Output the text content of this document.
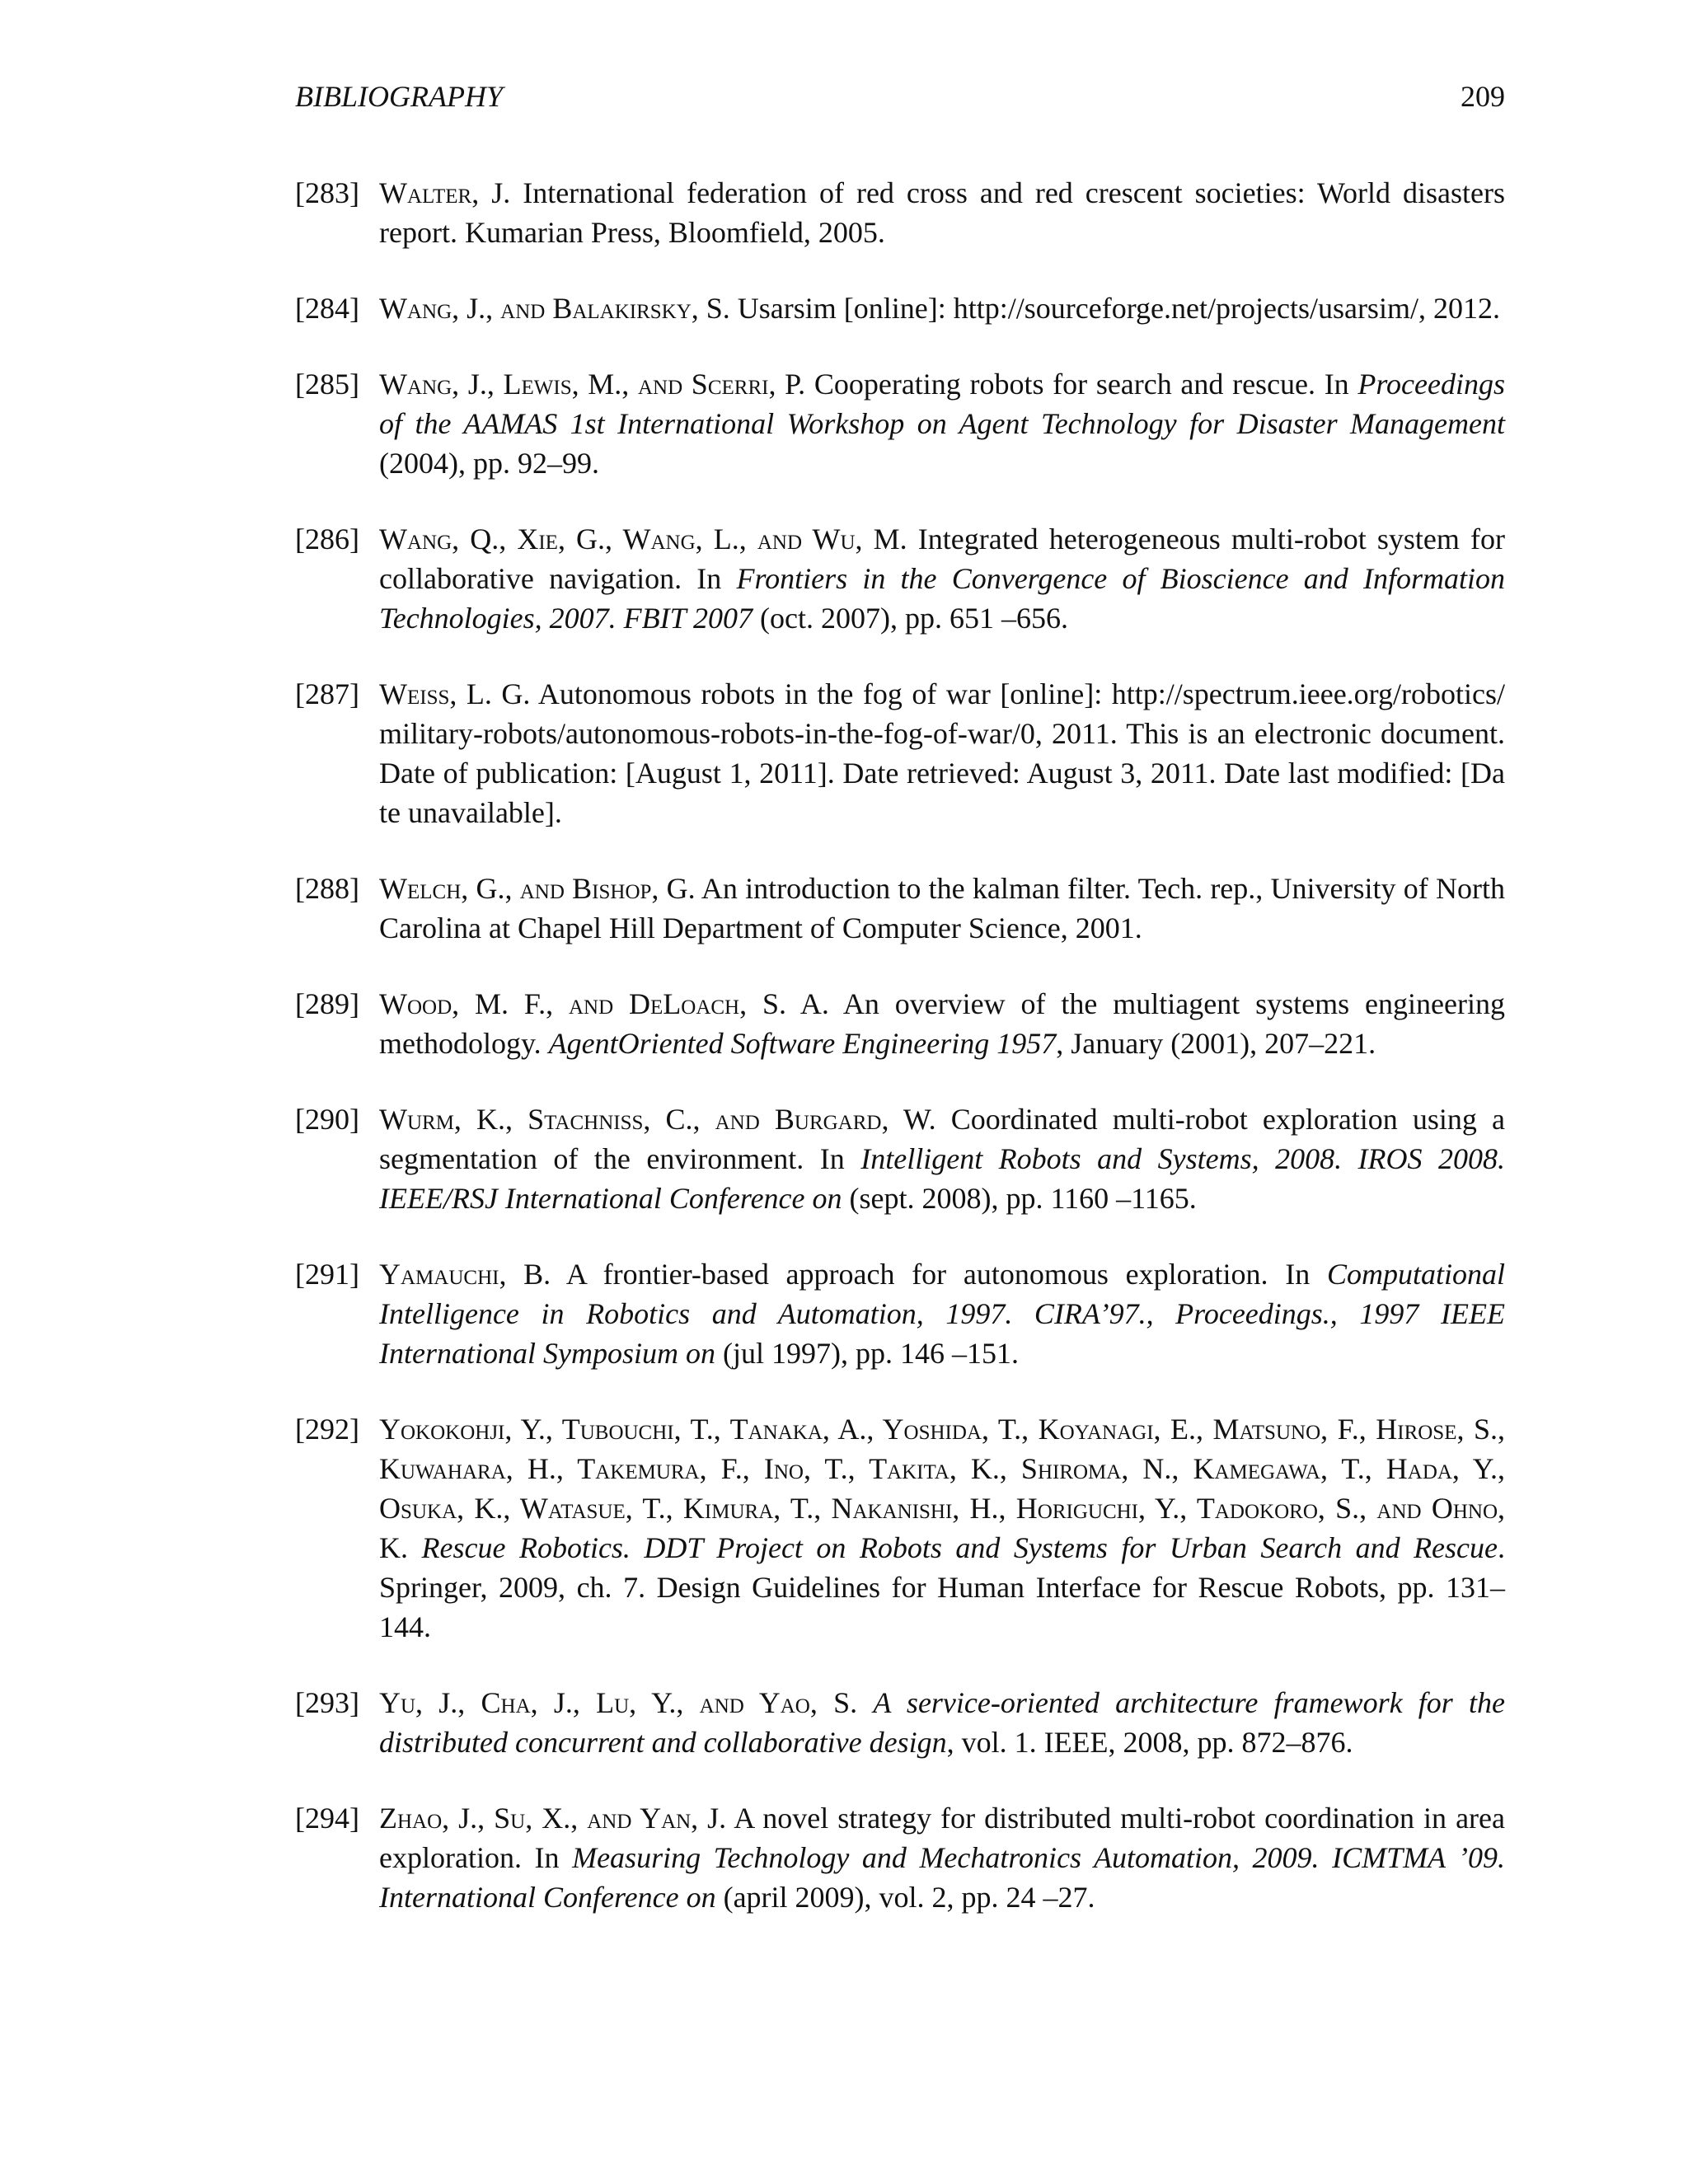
BIBLIOGRAPHY	209
[283] Walter, J. International federation of red cross and red crescent societies: World disasters report. Kumarian Press, Bloomfield, 2005.
[284] Wang, J., and Balakirsky, S. Usarsim [online]: http://sourceforge.net/projects/usarsim/, 2012.
[285] Wang, J., Lewis, M., and Scerri, P. Cooperating robots for search and rescue. In Proceedings of the AAMAS 1st International Workshop on Agent Technology for Disaster Management (2004), pp. 92–99.
[286] Wang, Q., Xie, G., Wang, L., and Wu, M. Integrated heterogeneous multi-robot system for collaborative navigation. In Frontiers in the Convergence of Bioscience and Information Technologies, 2007. FBIT 2007 (oct. 2007), pp. 651 –656.
[287] Weiss, L. G. Autonomous robots in the fog of war [online]: http://spectrum.ieee.org/robotics/military-robots/autonomous-robots-in-the-fog-of-war/0, 2011. This is an electronic document. Date of publication: [August 1, 2011]. Date retrieved: August 3, 2011. Date last modified: [Date unavailable].
[288] Welch, G., and Bishop, G. An introduction to the kalman filter. Tech. rep., University of North Carolina at Chapel Hill Department of Computer Science, 2001.
[289] Wood, M. F., and DeLoach, S. A. An overview of the multiagent systems engineering methodology. AgentOriented Software Engineering 1957, January (2001), 207–221.
[290] Wurm, K., Stachniss, C., and Burgard, W. Coordinated multi-robot exploration using a segmentation of the environment. In Intelligent Robots and Systems, 2008. IROS 2008. IEEE/RSJ International Conference on (sept. 2008), pp. 1160 –1165.
[291] Yamauchi, B. A frontier-based approach for autonomous exploration. In Computational Intelligence in Robotics and Automation, 1997. CIRA’97., Proceedings., 1997 IEEE International Symposium on (jul 1997), pp. 146 –151.
[292] Yokokohji, Y., Tubouchi, T., Tanaka, A., Yoshida, T., Koyanagi, E., Matsuno, F., Hirose, S., Kuwahara, H., Takemura, F., Ino, T., Takita, K., Shiroma, N., Kamegawa, T., Hada, Y., Osuka, K., Watasue, T., Kimura, T., Nakanishi, H., Horiguchi, Y., Tadokoro, S., and Ohno, K. Rescue Robotics. DDT Project on Robots and Systems for Urban Search and Rescue. Springer, 2009, ch. 7. Design Guidelines for Human Interface for Rescue Robots, pp. 131–144.
[293] Yu, J., Cha, J., Lu, Y., and Yao, S. A service-oriented architecture framework for the distributed concurrent and collaborative design, vol. 1. IEEE, 2008, pp. 872–876.
[294] Zhao, J., Su, X., and Yan, J. A novel strategy for distributed multi-robot coordination in area exploration. In Measuring Technology and Mechatronics Automation, 2009. ICMTMA ’09. International Conference on (april 2009), vol. 2, pp. 24 –27.
